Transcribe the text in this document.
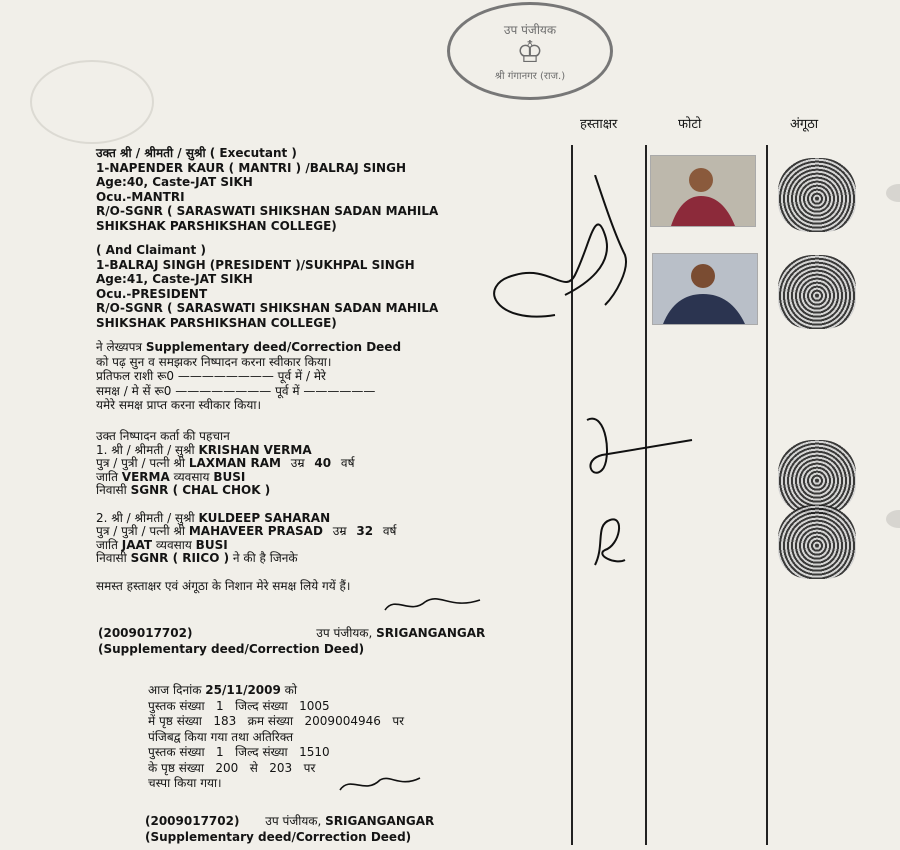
उप पंजीयक
♔
श्री गंगानगर (राज.)
हस्ताक्षर	फोटो	अंगूठा
उक्त श्री / श्रीमती / सुश्री ( Executant )
1-NAPENDER KAUR ( MANTRI ) /BALRAJ SINGH
Age:40, Caste-JAT SIKH
Ocu.-MANTRI
R/O-SGNR ( SARASWATI SHIKSHAN SADAN MAHILA
SHIKSHAK PARSHIKSHAN COLLEGE)
( And Claimant )
1-BALRAJ SINGH (PRESIDENT )/SUKHPAL SINGH
Age:41, Caste-JAT SIKH
Ocu.-PRESIDENT
R/O-SGNR ( SARASWATI SHIKSHAN SADAN MAHILA
SHIKSHAK PARSHIKSHAN COLLEGE)
ने लेख्यपत्र Supplementary deed/Correction Deed
को पढ़ सुन व समझकर निष्पादन करना स्वीकार किया।
प्रतिफल राशी रू0 ———————— पूर्व में / मेरे
समक्ष / मे सें रू0 ———————— पूर्व में ——————
यमेरे समक्ष प्राप्त करना स्वीकार किया।
उक्त निष्पादन कर्ता की पहचान
1. श्री / श्रीमती / सुश्री KRISHAN VERMA
पुत्र / पुत्री / पत्नी श्री LAXMAN RAM उम्र 40 वर्ष
जाति VERMA व्यवसाय BUSI
निवासी SGNR ( CHAL CHOK )
2. श्री / श्रीमती / सुश्री KULDEEP SAHARAN
पुत्र / पुत्री / पत्नी श्री MAHAVEER PRASAD उम्र 32 वर्ष
जाति JAAT व्यवसाय BUSI
निवासी SGNR ( RIICO ) ने की है जिनके
समस्त हस्ताक्षर एवं अंगूठा के निशान मेरे समक्ष लिये गयें हैं।
(2009017702)	उप पंजीयक, SRIGANGANGAR
(Supplementary deed/Correction Deed)
आज दिनांक 25/11/2009 को
पुस्तक संख्या   1   जिल्द संख्या   1005
में पृष्ठ संख्या   183   क्रम संख्या   2009004946   पर
पंजिबद्व किया गया तथा अतिरिक्त
पुस्तक संख्या   1   जिल्द संख्या   1510
के पृष्ठ संख्या   200   से   203   पर
चस्पा किया गया।
(2009017702) उप पंजीयक, SRIGANGANGAR
(Supplementary deed/Correction Deed)
